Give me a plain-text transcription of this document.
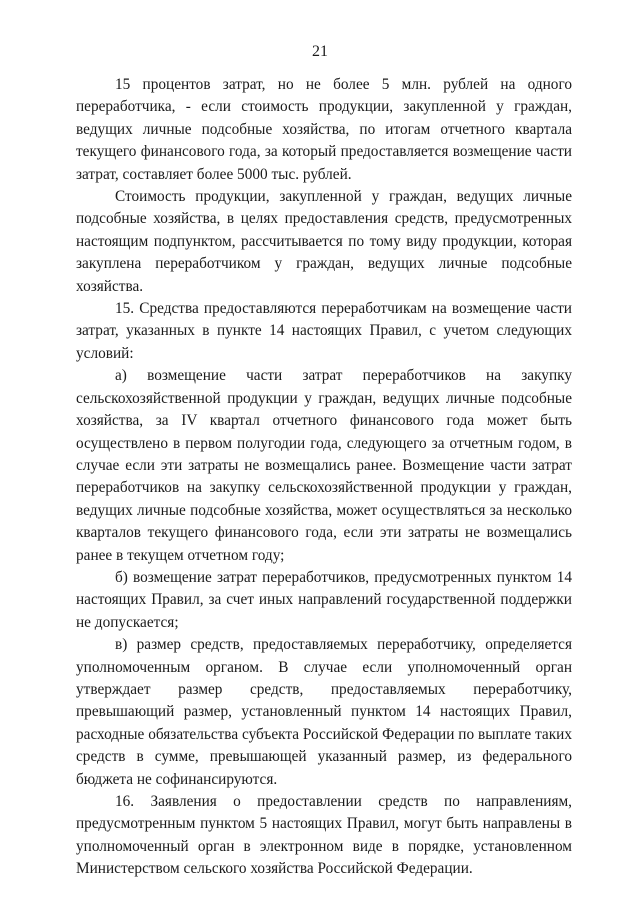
21

15 процентов затрат, но не более 5 млн. рублей на одного переработчика, - если стоимость продукции, закупленной у граждан, ведущих личные подсобные хозяйства, по итогам отчетного квартала текущего финансового года, за который предоставляется возмещение части затрат, составляет более 5000 тыс. рублей.

Стоимость продукции, закупленной у граждан, ведущих личные подсобные хозяйства, в целях предоставления средств, предусмотренных настоящим подпунктом, рассчитывается по тому виду продукции, которая закуплена переработчиком у граждан, ведущих личные подсобные хозяйства.

15. Средства предоставляются переработчикам на возмещение части затрат, указанных в пункте 14 настоящих Правил, с учетом следующих условий:

а) возмещение части затрат переработчиков на закупку сельскохозяйственной продукции у граждан, ведущих личные подсобные хозяйства, за IV квартал отчетного финансового года может быть осуществлено в первом полугодии года, следующего за отчетным годом, в случае если эти затраты не возмещались ранее. Возмещение части затрат переработчиков на закупку сельскохозяйственной продукции у граждан, ведущих личные подсобные хозяйства, может осуществляться за несколько кварталов текущего финансового года, если эти затраты не возмещались ранее в текущем отчетном году;

б) возмещение затрат переработчиков, предусмотренных пунктом 14 настоящих Правил, за счет иных направлений государственной поддержки не допускается;

в) размер средств, предоставляемых переработчику, определяется уполномоченным органом. В случае если уполномоченный орган утверждает размер средств, предоставляемых переработчику, превышающий размер, установленный пунктом 14 настоящих Правил, расходные обязательства субъекта Российской Федерации по выплате таких средств в сумме, превышающей указанный размер, из федерального бюджета не софинансируются.

16. Заявления о предоставлении средств по направлениям, предусмотренным пунктом 5 настоящих Правил, могут быть направлены в уполномоченный орган в электронном виде в порядке, установленном Министерством сельского хозяйства Российской Федерации.
